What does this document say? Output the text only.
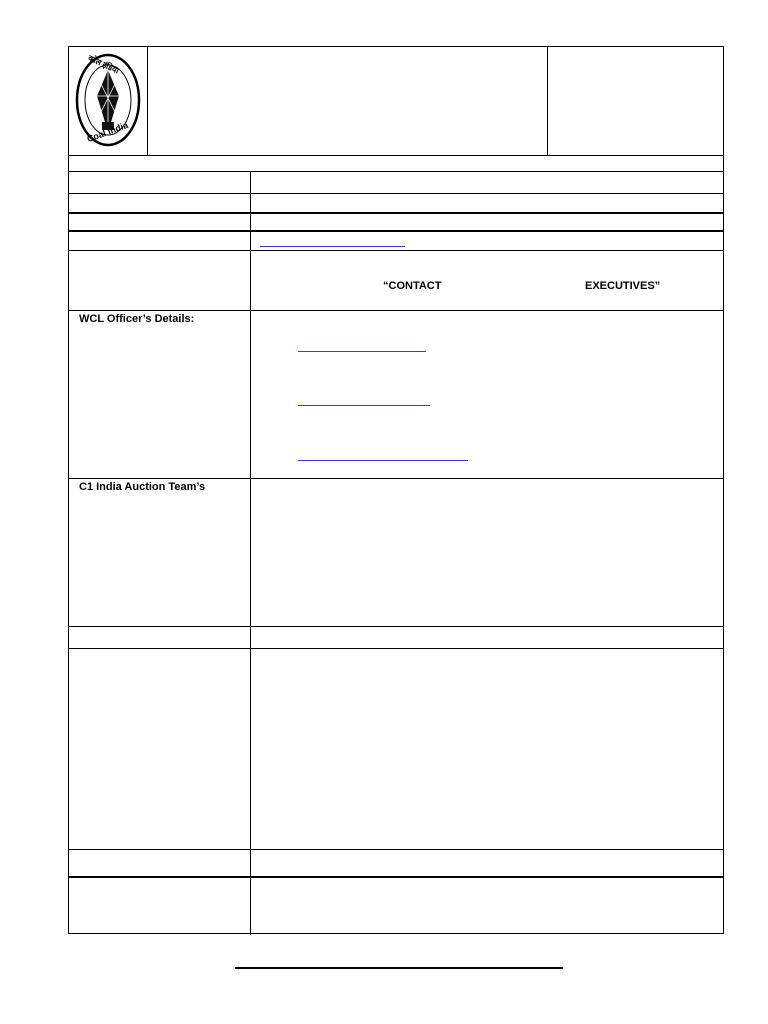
कोल इंडिया
Coal India
“CONTACT	EXECUTIVES”
WCL Officer’s Details:
C1 India Auction Team’s
